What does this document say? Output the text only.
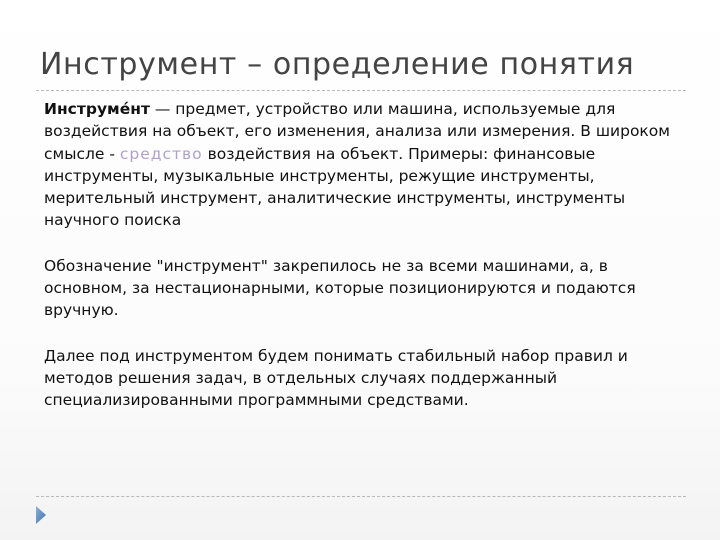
Инструмент – определение понятия

Инструме́нт — предмет, устройство или машина, используемые для воздействия на объект, его изменения, анализа или измерения. В широком смысле - средство воздействия на объект. Примеры: финансовые инструменты, музыкальные инструменты, режущие инструменты, мерительный инструмент, аналитические инструменты, инструменты научного поиска

Обозначение "инструмент" закрепилось не за всеми машинами, а, в основном, за нестационарными, которые позиционируются и подаются вручную.

Далее под инструментом будем понимать стабильный набор правил и методов решения задач, в отдельных случаях поддержанный специализированными программными средствами.
